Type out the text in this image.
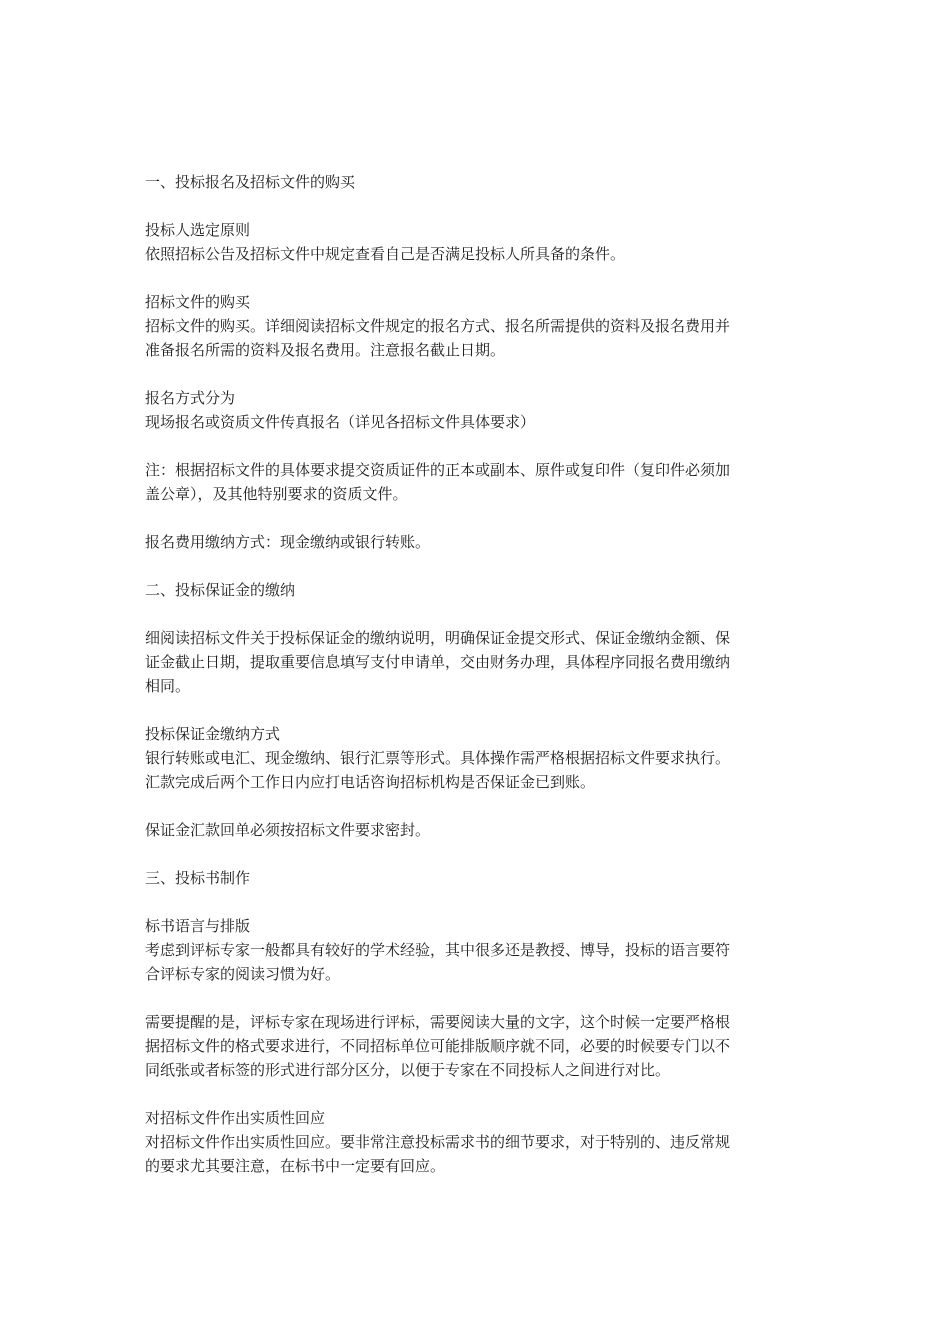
一、投标报名及招标文件的购买
投标人选定原则
依照招标公告及招标文件中规定查看自己是否满足投标人所具备的条件。
招标文件的购买
招标文件的购买。详细阅读招标文件规定的报名方式、报名所需提供的资料及报名费用并
准备报名所需的资料及报名费用。注意报名截止日期。
报名方式分为
现场报名或资质文件传真报名（详见各招标文件具体要求）
注：根据招标文件的具体要求提交资质证件的正本或副本、原件或复印件（复印件必须加
盖公章），及其他特别要求的资质文件。
报名费用缴纳方式：现金缴纳或银行转账。
二、投标保证金的缴纳
细阅读招标文件关于投标保证金的缴纳说明，明确保证金提交形式、保证金缴纳金额、保
证金截止日期，提取重要信息填写支付申请单，交由财务办理，具体程序同报名费用缴纳
相同。
投标保证金缴纳方式
银行转账或电汇、现金缴纳、银行汇票等形式。具体操作需严格根据招标文件要求执行。
汇款完成后两个工作日内应打电话咨询招标机构是否保证金已到账。
保证金汇款回单必须按招标文件要求密封。
三、投标书制作
标书语言与排版
考虑到评标专家一般都具有较好的学术经验，其中很多还是教授、博导，投标的语言要符
合评标专家的阅读习惯为好。
需要提醒的是，评标专家在现场进行评标，需要阅读大量的文字，这个时候一定要严格根
据招标文件的格式要求进行，不同招标单位可能排版顺序就不同，必要的时候要专门以不
同纸张或者标签的形式进行部分区分，以便于专家在不同投标人之间进行对比。
对招标文件作出实质性回应
对招标文件作出实质性回应。要非常注意投标需求书的细节要求，对于特别的、违反常规
的要求尤其要注意，在标书中一定要有回应。
